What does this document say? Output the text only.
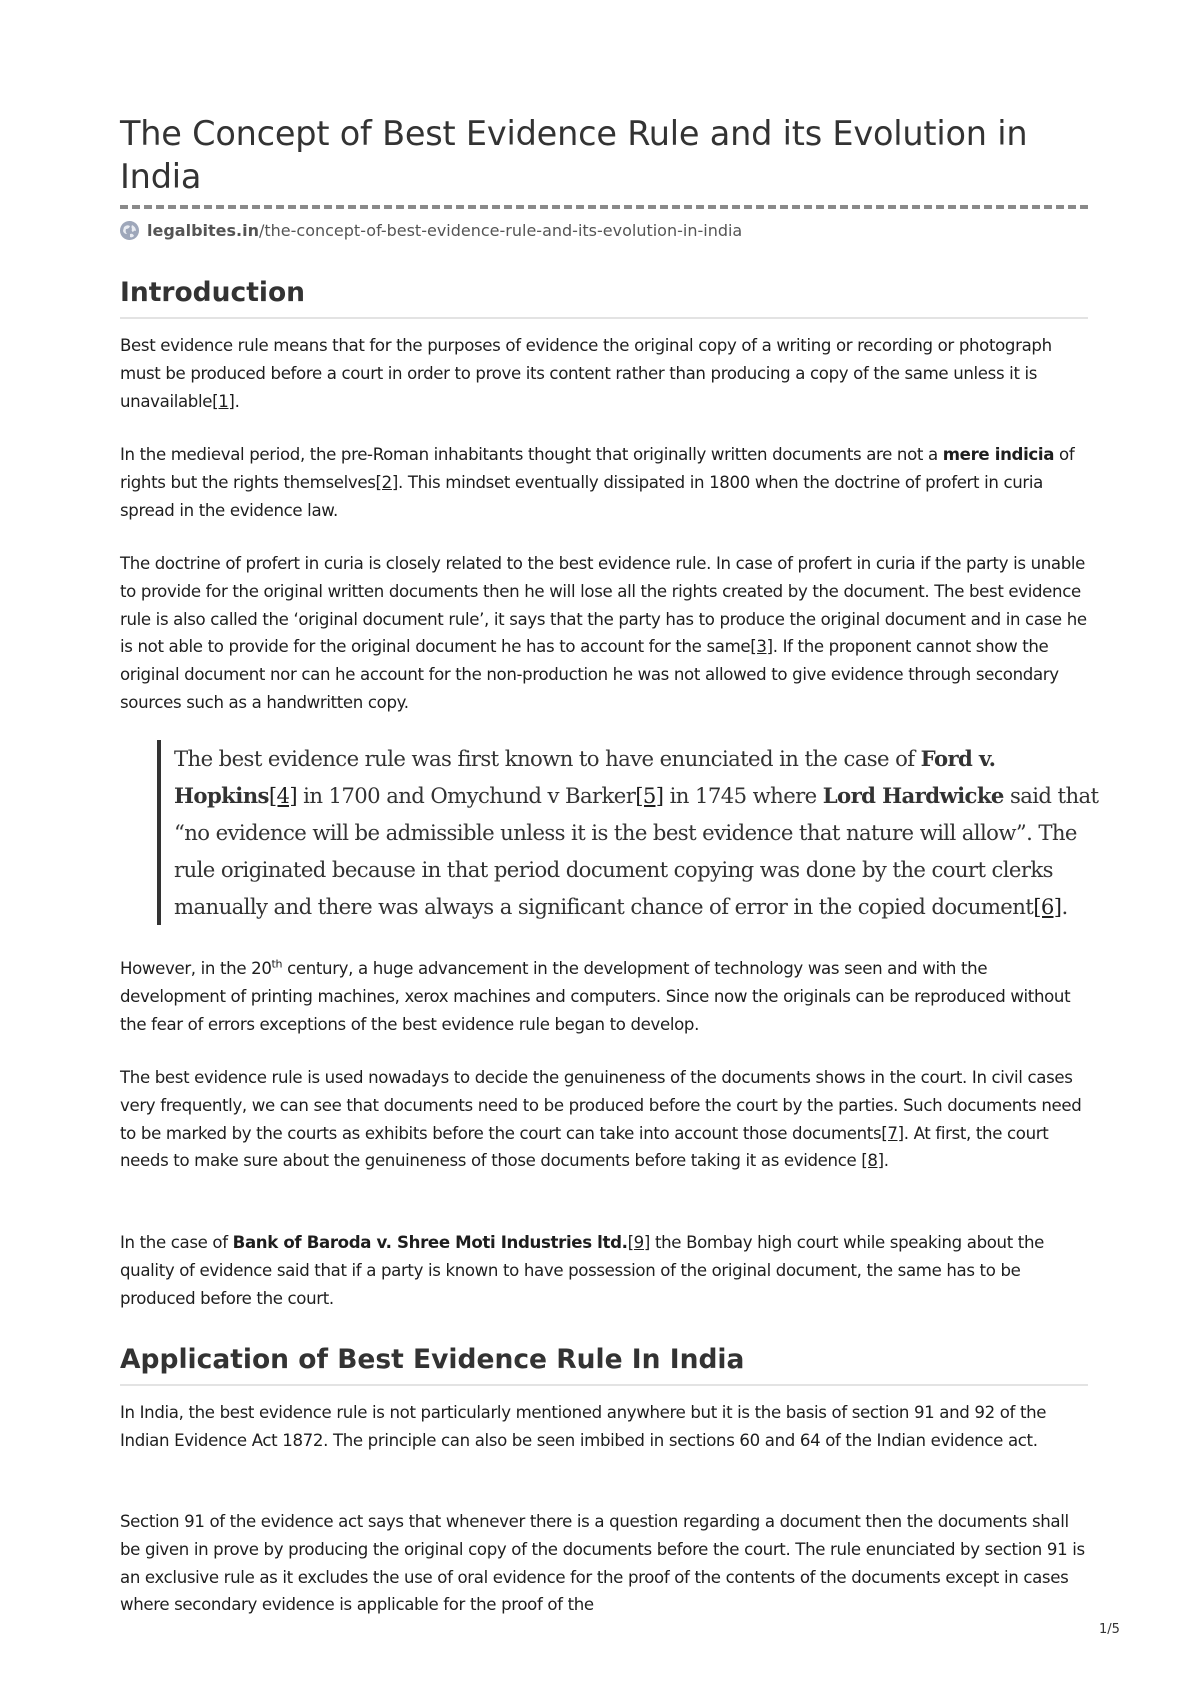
The Concept of Best Evidence Rule and its Evolution in India
legalbites.in/the-concept-of-best-evidence-rule-and-its-evolution-in-india
Introduction

Best evidence rule means that for the purposes of evidence the original copy of a writing or recording or photograph must be produced before a court in order to prove its content rather than producing a copy of the same unless it is unavailable[1].

In the medieval period, the pre-Roman inhabitants thought that originally written documents are not a mere indicia of rights but the rights themselves[2]. This mindset eventually dissipated in 1800 when the doctrine of profert in curia spread in the evidence law.

The doctrine of profert in curia is closely related to the best evidence rule. In case of profert in curia if the party is unable to provide for the original written documents then he will lose all the rights created by the document. The best evidence rule is also called the ‘original document rule’, it says that the party has to produce the original document and in case he is not able to provide for the original document he has to account for the same[3]. If the proponent cannot show the original document nor can he account for the non-production he was not allowed to give evidence through secondary sources such as a handwritten copy.

The best evidence rule was first known to have enunciated in the case of Ford v. Hopkins[4] in 1700 and Omychund v Barker[5] in 1745 where Lord Hardwicke said that “no evidence will be admissible unless it is the best evidence that nature will allow”. The rule originated because in that period document copying was done by the court clerks manually and there was always a significant chance of error in the copied document[6].

However, in the 20th century, a huge advancement in the development of technology was seen and with the development of printing machines, xerox machines and computers. Since now the originals can be reproduced without the fear of errors exceptions of the best evidence rule began to develop.

The best evidence rule is used nowadays to decide the genuineness of the documents shows in the court. In civil cases very frequently, we can see that documents need to be produced before the court by the parties. Such documents need to be marked by the courts as exhibits before the court can take into account those documents[7]. At first, the court needs to make sure about the genuineness of those documents before taking it as evidence [8].

In the case of Bank of Baroda v. Shree Moti Industries ltd.[9] the Bombay high court while speaking about the quality of evidence said that if a party is known to have possession of the original document, the same has to be produced before the court.

Application of Best Evidence Rule In India

In India, the best evidence rule is not particularly mentioned anywhere but it is the basis of section 91 and 92 of the Indian Evidence Act 1872. The principle can also be seen imbibed in sections 60 and 64 of the Indian evidence act.

Section 91 of the evidence act says that whenever there is a question regarding a document then the documents shall be given in prove by producing the original copy of the documents before the court. The rule enunciated by section 91 is an exclusive rule as it excludes the use of oral evidence for the proof of the contents of the documents except in cases where secondary evidence is applicable for the proof of the

1/5
